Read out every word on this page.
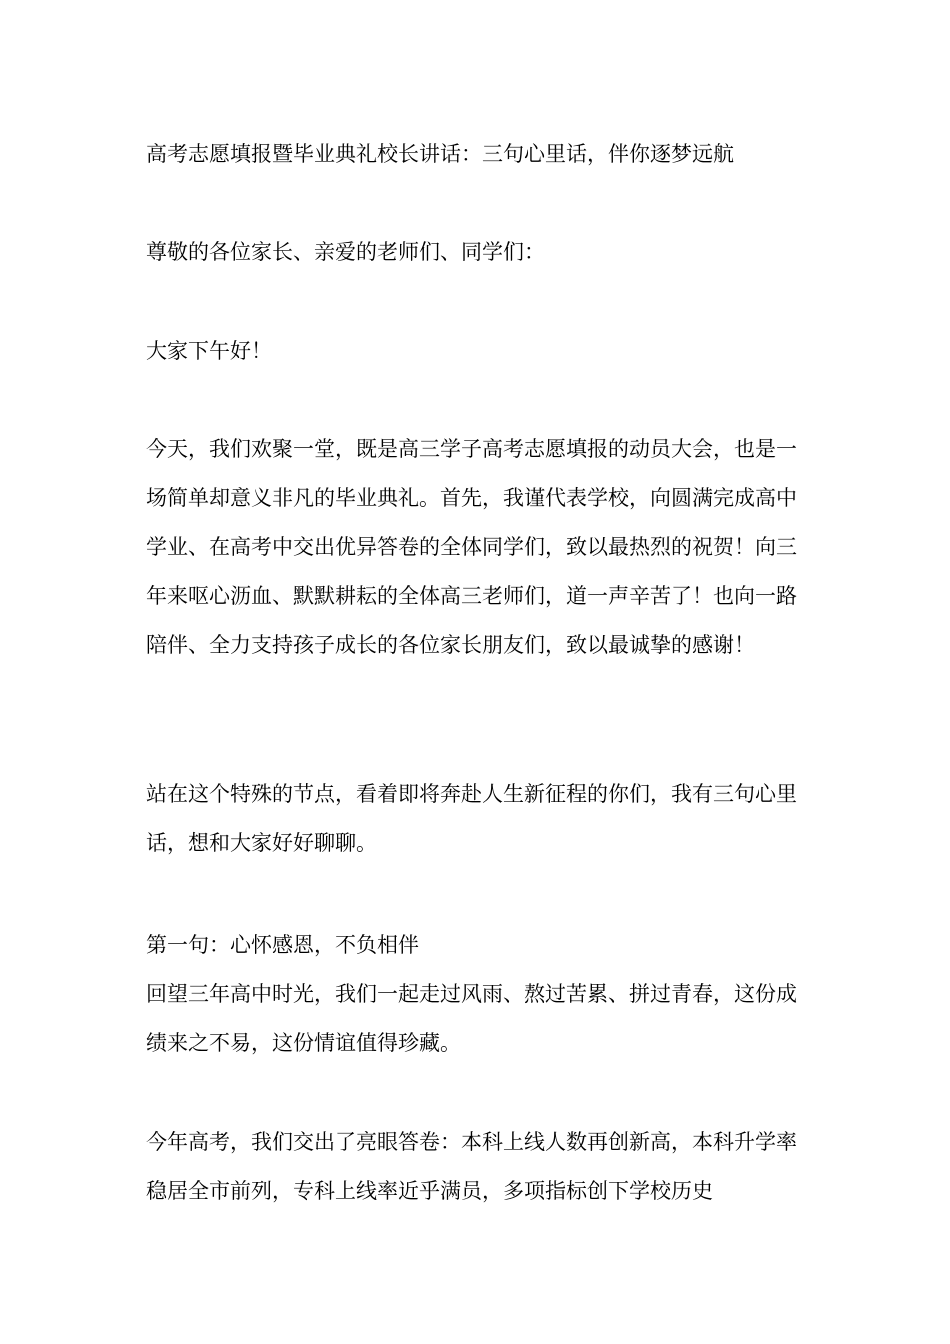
高考志愿填报暨毕业典礼校长讲话：三句心里话，伴你逐梦远航

尊敬的各位家长、亲爱的老师们、同学们：

大家下午好！

今天，我们欢聚一堂，既是高三学子高考志愿填报的动员大会，也是一场简单却意义非凡的毕业典礼。首先，我谨代表学校，向圆满完成高中学业、在高考中交出优异答卷的全体同学们，致以最热烈的祝贺！向三年来呕心沥血、默默耕耘的全体高三老师们，道一声辛苦了！也向一路陪伴、全力支持孩子成长的各位家长朋友们，致以最诚挚的感谢！

站在这个特殊的节点，看着即将奔赴人生新征程的你们，我有三句心里话，想和大家好好聊聊。

第一句：心怀感恩，不负相伴

回望三年高中时光，我们一起走过风雨、熬过苦累、拼过青春，这份成绩来之不易，这份情谊值得珍藏。

今年高考，我们交出了亮眼答卷：本科上线人数再创新高，本科升学率稳居全市前列，专科上线率近乎满员，多项指标创下学校历史
